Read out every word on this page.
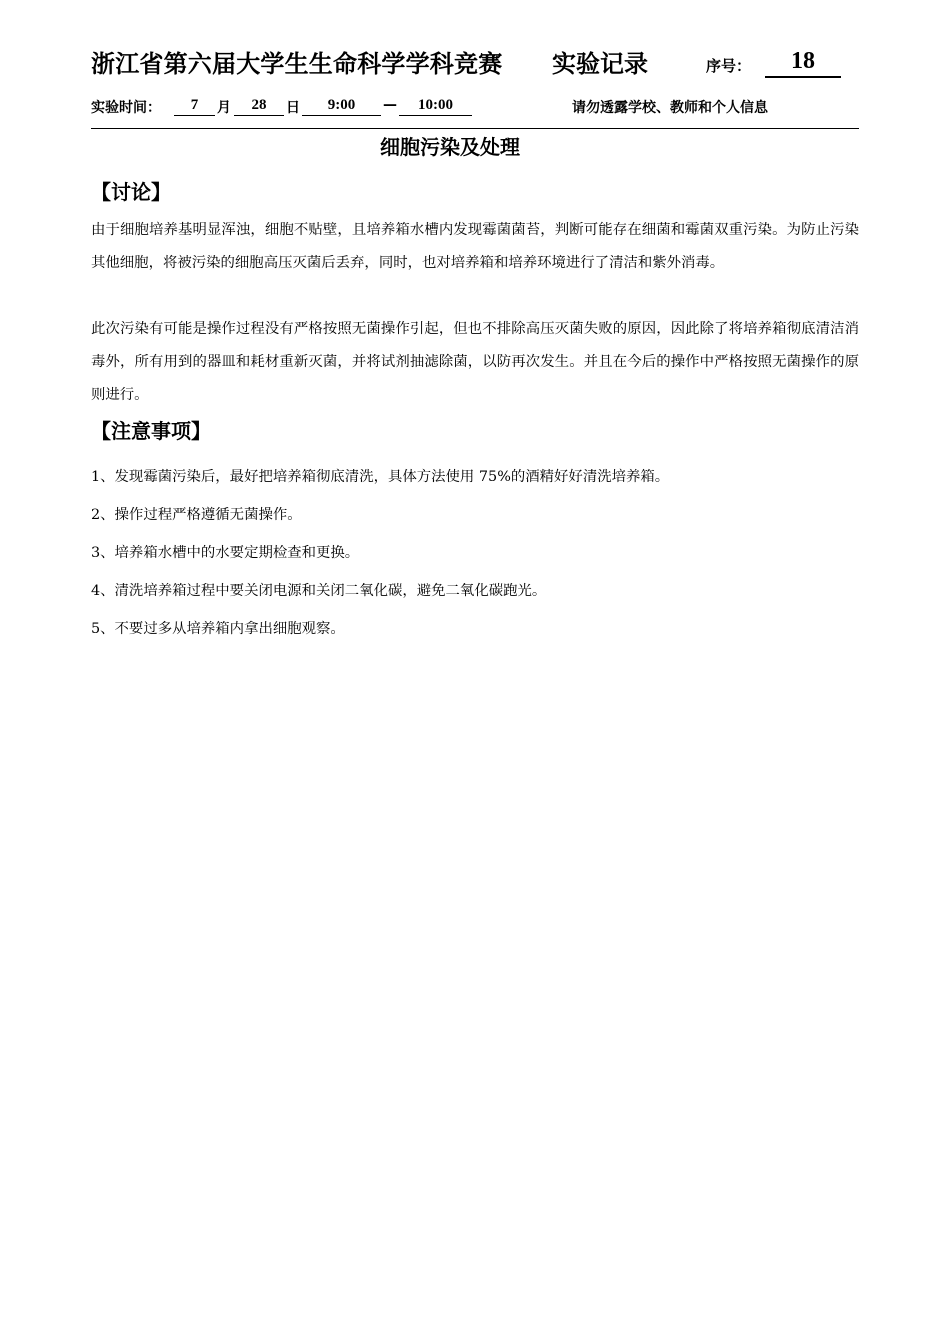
浙江省第六届大学生生命科学学科竞赛 实验记录	序号：	18
实验时间：	7	月	28	日	9:00	—	10:00	请勿透露学校、教师和个人信息
细胞污染及处理
【讨论】

由于细胞培养基明显浑浊，细胞不贴壁，且培养箱水槽内发现霉菌菌苔，判断可能存在细菌和霉菌双重污染。为防止污染其他细胞，将被污染的细胞高压灭菌后丢弃，同时，也对培养箱和培养环境进行了清洁和紫外消毒。

此次污染有可能是操作过程没有严格按照无菌操作引起，但也不排除高压灭菌失败的原因，因此除了将培养箱彻底清洁消毒外，所有用到的器皿和耗材重新灭菌，并将试剂抽滤除菌，以防再次发生。并且在今后的操作中严格按照无菌操作的原则进行。

【注意事项】
1、发现霉菌污染后，最好把培养箱彻底清洗，具体方法使用 75%的酒精好好清洗培养箱。
2、操作过程严格遵循无菌操作。
3、培养箱水槽中的水要定期检查和更换。
4、清洗培养箱过程中要关闭电源和关闭二氧化碳，避免二氧化碳跑光。
5、不要过多从培养箱内拿出细胞观察。
